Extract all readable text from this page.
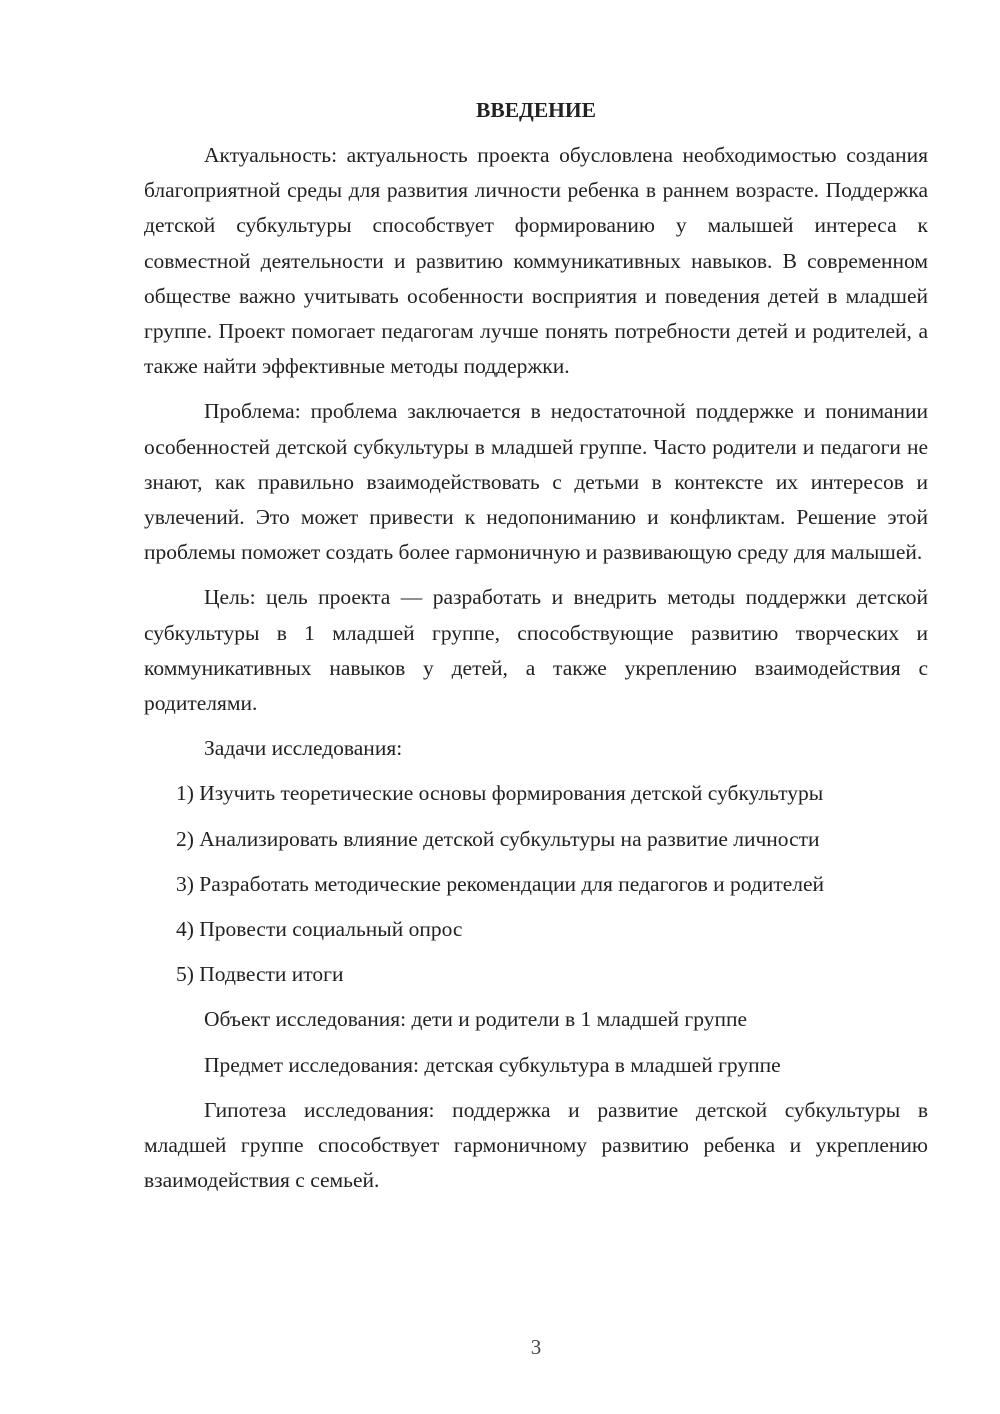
ВВЕДЕНИЕ
Актуальность: актуальность проекта обусловлена необходимостью создания благоприятной среды для развития личности ребенка в раннем возрасте. Поддержка детской субкультуры способствует формированию у малышей интереса к совместной деятельности и развитию коммуникативных навыков. В современном обществе важно учитывать особенности восприятия и поведения детей в младшей группе. Проект помогает педагогам лучше понять потребности детей и родителей, а также найти эффективные методы поддержки.
Проблема: проблема заключается в недостаточной поддержке и понимании особенностей детской субкультуры в младшей группе. Часто родители и педагоги не знают, как правильно взаимодействовать с детьми в контексте их интересов и увлечений. Это может привести к недопониманию и конфликтам. Решение этой проблемы поможет создать более гармоничную и развивающую среду для малышей.
Цель: цель проекта — разработать и внедрить методы поддержки детской субкультуры в 1 младшей группе, способствующие развитию творческих и коммуникативных навыков у детей, а также укреплению взаимодействия с родителями.
Задачи исследования:
1) Изучить теоретические основы формирования детской субкультуры
2) Анализировать влияние детской субкультуры на развитие личности
3) Разработать методические рекомендации для педагогов и родителей
4) Провести социальный опрос
5) Подвести итоги
Объект исследования: дети и родители в 1 младшей группе
Предмет исследования: детская субкультура в младшей группе
Гипотеза исследования: поддержка и развитие детской субкультуры в младшей группе способствует гармоничному развитию ребенка и укреплению взаимодействия с семьей.
3
